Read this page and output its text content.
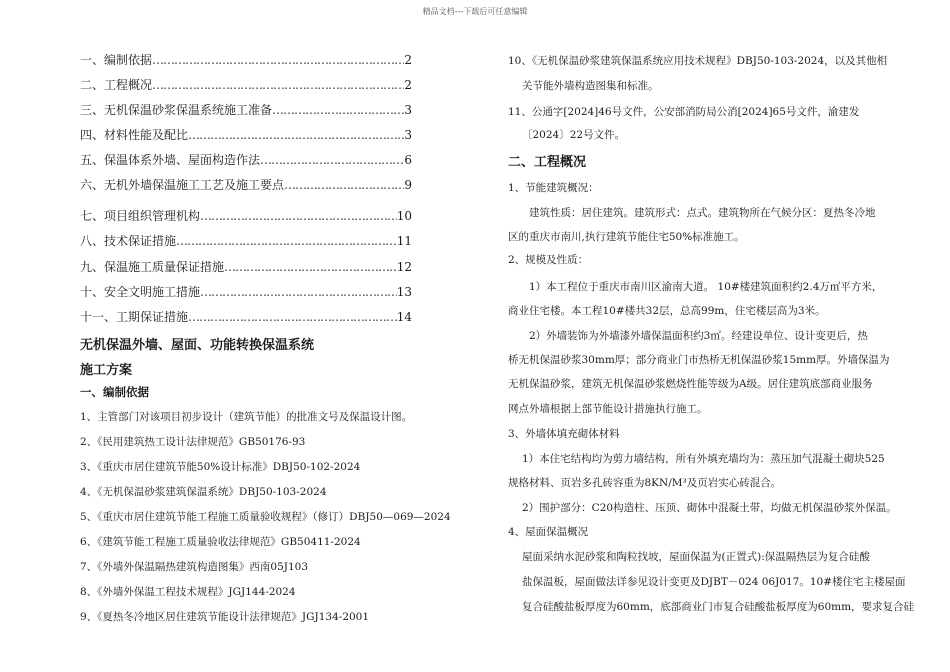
精品文档---下载后可任意编辑
一、编制依据 ……………………………………………………………………………………………………………………	2
二、工程概况 ……………………………………………………………………………………………………………………	2
三、无机保温砂浆保温系统施工准备 ……………………………………………………………………………………………………………………	3
四、材料性能及配比 ……………………………………………………………………………………………………………………	3
五、保温体系外墙、屋面构造作法 ……………………………………………………………………………………………………………………	6
六、无机外墙保温施工工艺及施工要点 ……………………………………………………………………………………………………………………	9
七、项目组织管理机构 ……………………………………………………………………………………………………………………	10
八、技术保证措施 ……………………………………………………………………………………………………………………	11
九、保温施工质量保证措施 ……………………………………………………………………………………………………………………	12
十、安全文明施工措施 ……………………………………………………………………………………………………………………	13
十一、工期保证措施 ……………………………………………………………………………………………………………………	14
无机保温外墙、屋面、功能转换保温系统
施工方案
一、编制依据
1、主管部门对该项目初步设计（建筑节能）的批准文号及保温设计图。
2、《民用建筑热工设计法律规范》GB50176-93
3、《重庆市居住建筑节能50%设计标准》DBJ50-102-2024
4、《无机保温砂浆建筑保温系统》DBJ50-103-2024
5、《重庆市居住建筑节能工程施工质量验收规程》（修订）DBJ50—069—2024
6、《建筑节能工程施工质量验收法律规范》GB50411-2024
7、《外墙外保温隔热建筑构造图集》西南05J103
8、《外墙外保温工程技术规程》JGJ144-2024
9、《夏热冬冷地区居住建筑节能设计法律规范》JGJ134-2001
10、《无机保温砂浆建筑保温系统应用技术规程》DBJ50-103-2024，以及其他相
关节能外墙构造图集和标准。
11、公通字[2024]46号文件，公安部消防局公消[2024]65号文件，渝建发
〔2024〕22号文件。
二、工程概况
1、节能建筑概况：
建筑性质：居住建筑。建筑形式：点式。建筑物所在气候分区：夏热冬冷地
区的重庆市南川,执行建筑节能住宅50%标准施工。
2、规模及性质：
1）本工程位于重庆市南川区渝南大道。 10#楼建筑面积约2.4万㎡平方米，
商业住宅楼。本工程10#楼共32层，总高99m，住宅楼层高为3米。
2）外墙装饰为外墙漆外墙保温面积约3㎡。经建设单位、设计变更后，热
桥无机保温砂浆30mm厚；部分商业门市热桥无机保温砂浆15mm厚。外墙保温为
无机保温砂浆，建筑无机保温砂浆燃烧性能等级为A级。居住建筑底部商业服务
网点外墙根据上部节能设计措施执行施工。
3、外墙体填充砌体材料
1）本住宅结构均为剪力墙结构，所有外填充墙均为：蒸压加气混凝土砌块525
规格材料、页岩多孔砖容重为8KN/M³及页岩实心砖混合。
2）围护部分：C20构造柱、压顶、砌体中混凝土带，均做无机保温砂浆外保温。
4、屋面保温概况
屋面采纳水泥砂浆和陶粒找坡，屋面保温为(正置式):保温隔热层为复合硅酸
盐保温板，屋面做法详参见设计变更及DJBT－024 06J017。10#楼住宅主楼屋面
复合硅酸盐板厚度为60mm，底部商业门市复合硅酸盐板厚度为60mm，要求复合硅
